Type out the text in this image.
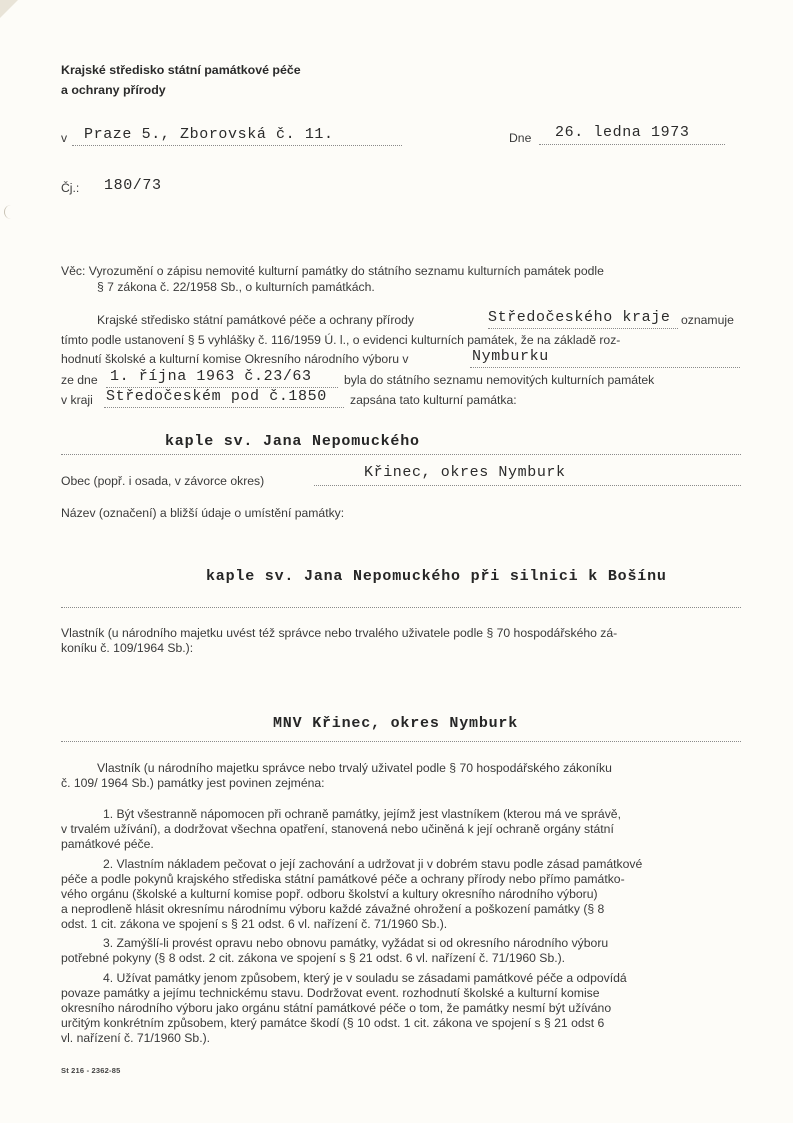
Krajské středisko státní památkové péče
a ochrany přírody
v Praze 5., Zborovská č. 11.	Dne 26. ledna 1973
Čj.: 180/73
Věc: Vyrozumění o zápisu nemovité kulturní památky do státního seznamu kulturních památek podle
§ 7 zákona č. 22/1958 Sb., o kulturních památkách.
Krajské středisko státní památkové péče a ochrany přírody	Středočeského kraje oznamuje
tímto podle ustanovení § 5 vyhlášky č. 116/1959 Ú. l., o evidenci kulturních památek, že na základě roz-
hodnutí školské a kulturní komise Okresního národního výboru v	Nymburku
ze dne 1. října 1963 č.23/63	byla do státního seznamu nemovitých kulturních památek
v kraji Středočeském pod č.1850 zapsána tato kulturní památka:
kaple sv. Jana Nepomuckého
Obec (popř. i osada, v závorce okres)	Křinec, okres Nymburk
Název (označení) a bližší údaje o umístění památky:
kaple sv. Jana Nepomuckého při silnici k Bošínu
Vlastník (u národního majetku uvést též správce nebo trvalého uživatele podle § 70 hospodářského zá-
koníku č. 109/1964 Sb.):
MNV Křinec, okres Nymburk
Vlastník (u národního majetku správce nebo trvalý uživatel podle § 70 hospodářského zákoníku
č. 109/ 1964 Sb.) památky jest povinen zejména:
1. Být všestranně nápomocen při ochraně památky, jejímž jest vlastníkem (kterou má ve správě,
v trvalém užívání), a dodržovat všechna opatření, stanovená nebo učiněná k její ochraně orgány státní
památkové péče.
2. Vlastním nákladem pečovat o její zachování a udržovat ji v dobrém stavu podle zásad památkové
péče a podle pokynů krajského střediska státní památkové péče a ochrany přírody nebo přímo památko-
vého orgánu (školské a kulturní komise popř. odboru školství a kultury okresního národního výboru)
a neprodleně hlásit okresnímu národnímu výboru každé závažné ohrožení a poškození památky (§ 8
odst. 1 cit. zákona ve spojení s § 21 odst. 6 vl. nařízení č. 71/1960 Sb.).
3. Zamýšlí-li provést opravu nebo obnovu památky, vyžádat si od okresního národního výboru
potřebné pokyny (§ 8 odst. 2 cit. zákona ve spojení s § 21 odst. 6 vl. nařízení č. 71/1960 Sb.).
4. Užívat památky jenom způsobem, který je v souladu se zásadami památkové péče a odpovídá
povaze památky a jejímu technickému stavu. Dodržovat event. rozhodnutí školské a kulturní komise
okresního národního výboru jako orgánu státní památkové péče o tom, že památky nesmí být užíváno
určitým konkrétním způsobem, který památce škodí (§ 10 odst. 1 cit. zákona ve spojení s § 21 odst 6
vl. nařízení č. 71/1960 Sb.).
St 216 - 2362-85
